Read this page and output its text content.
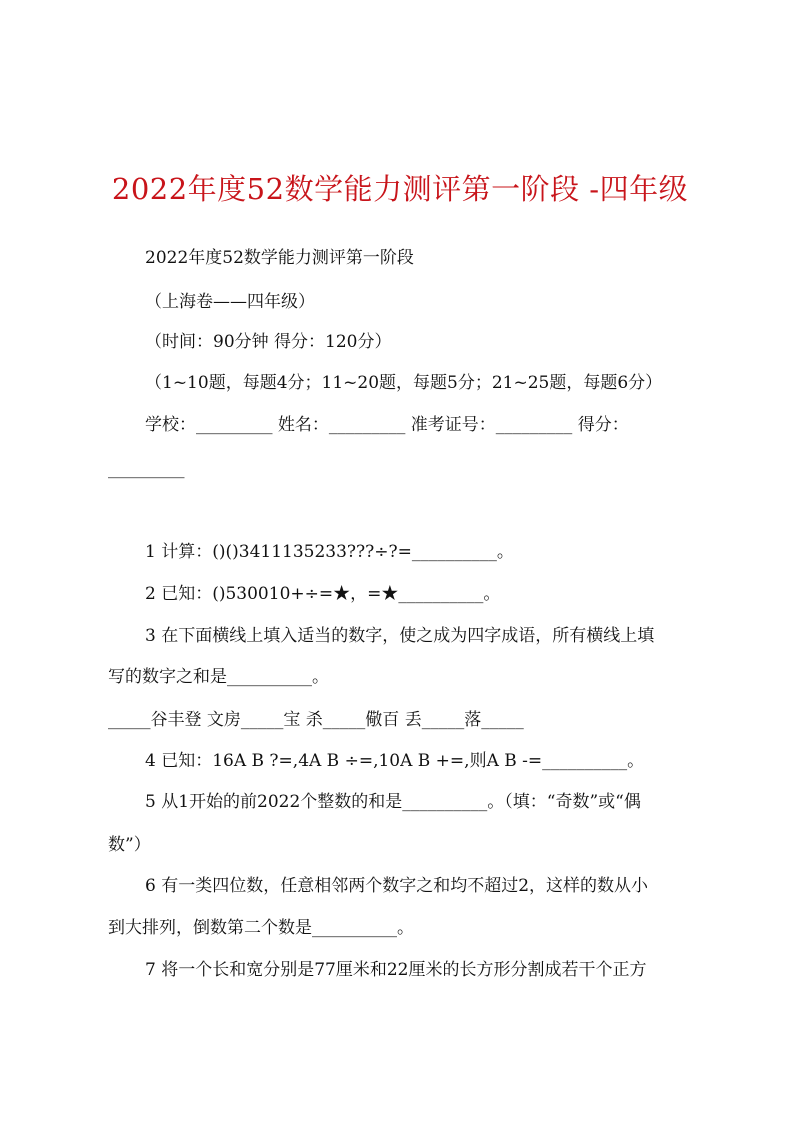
2022年度52数学能力测评第一阶段 -四年级
2022年度52数学能力测评第一阶段
（上海卷——四年级）
（时间：90分钟 得分：120分）
（1~10题，每题4分；11~20题，每题5分；21~25题，每题6分）
学校：_________ 姓名：_________ 准考证号：_________ 得分：
_________
1 计算：()()3411135233???÷?=__________。
2 已知：()530010+÷=★，=★__________。
3 在下面横线上填入适当的数字，使之成为四字成语，所有横线上填
写的数字之和是__________。
_____谷丰登 文房_____宝 杀_____儆百 丢_____落_____
4 已知：16A B ?=,4A B ÷=,10A B +=,则A B -=__________。
5 从1开始的前2022个整数的和是__________。（填：“奇数”或“偶
数”）
6 有一类四位数，任意相邻两个数字之和均不超过2，这样的数从小
到大排列，倒数第二个数是__________。
7 将一个长和宽分别是77厘米和22厘米的长方形分割成若干个正方
